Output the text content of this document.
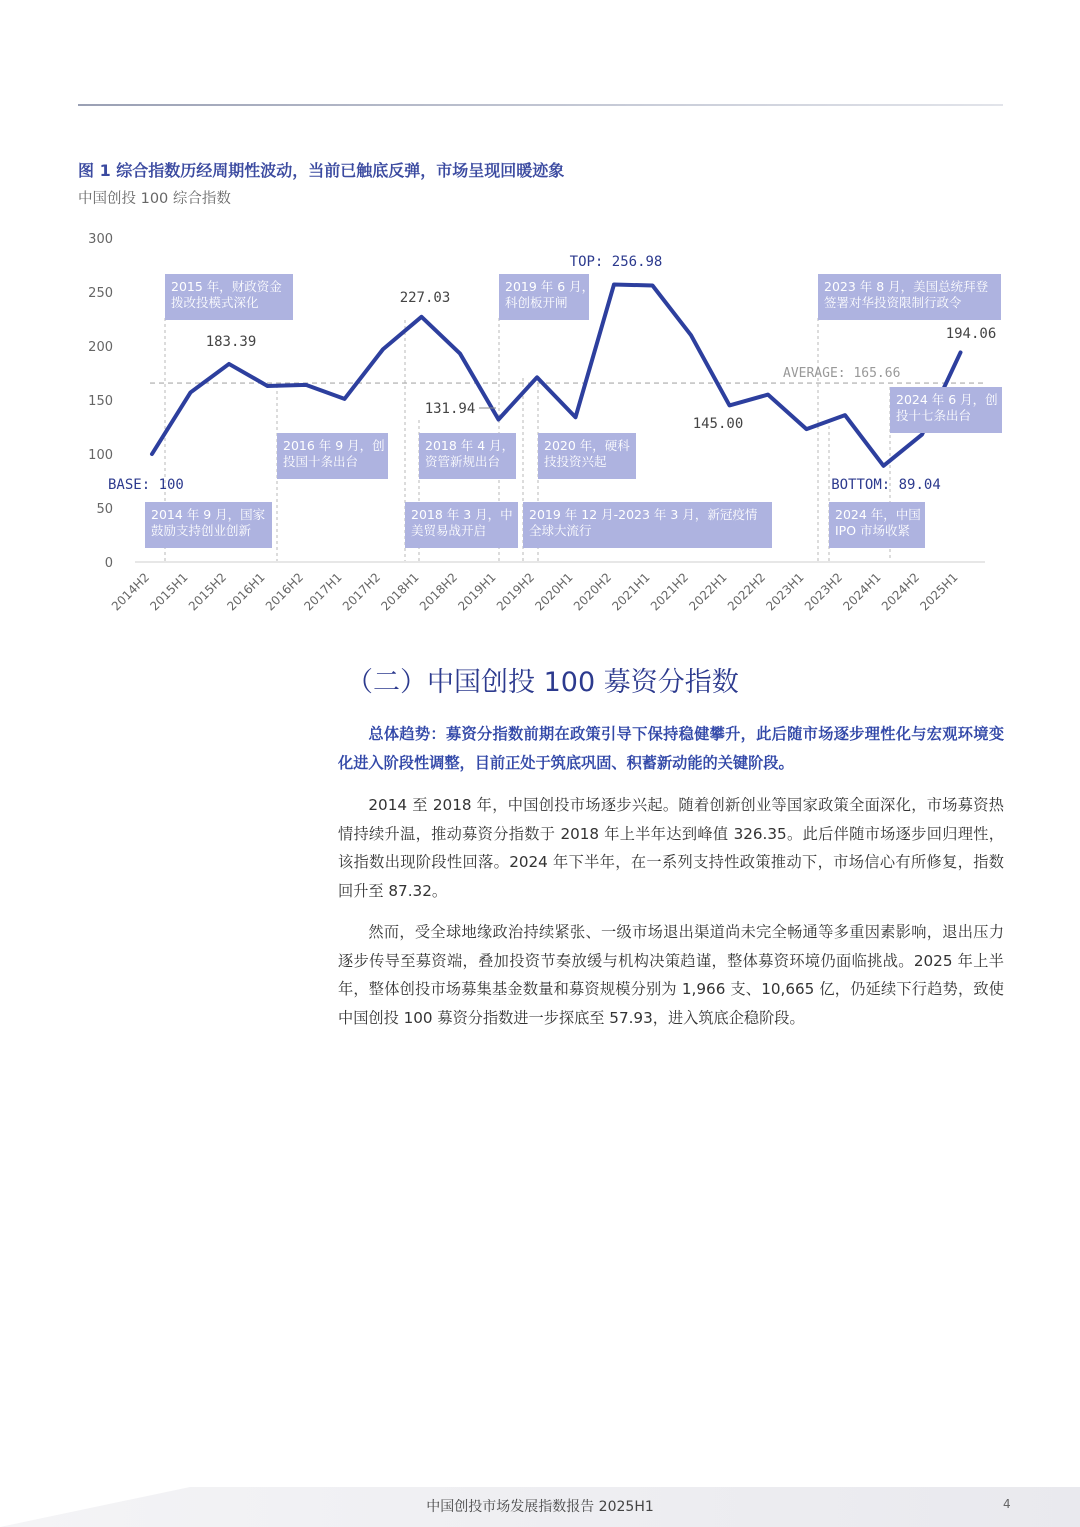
图 1 综合指数历经周期性波动，当前已触底反弹，市场呈现回暖迹象
中国创投 100 综合指数
0
50
100
150
200
250
300
2014H2
2015H1
2015H2
2016H1
2016H2
2017H1
2017H2
2018H1
2018H2
2019H1
2019H2
2020H1
2020H2
2021H1
2021H2
2022H1
2022H2
2023H1
2023H2
2024H1
2024H2
2025H1
AVERAGE: 165.66
BASE: 100
183.39
227.03
131.94
TOP: 256.98
145.00
BOTTOM: 89.04
194.06
2015 年，财政资金
拨改投模式深化
2014 年 9 月，国家
鼓励支持创业创新
2016 年 9 月，创
投国十条出台
2018 年 4 月，
资管新规出台
2018 年 3 月，中
美贸易战开启
2019 年 6 月，
科创板开闸
2019 年 12 月-2023 年 3 月，新冠疫情
全球大流行
2020 年，硬科
技投资兴起
2023 年 8 月，美国总统拜登
签署对华投资限制行政令
2024 年 6 月，创
投十七条出台
2024 年，中国
IPO 市场收紧
（二）中国创投 100 募资分指数
总体趋势：募资分指数前期在政策引导下保持稳健攀升，此后随市场逐步理性化与宏观环境变化进入阶段性调整，目前正处于筑底巩固、积蓄新动能的关键阶段。
2014 至 2018 年，中国创投市场逐步兴起。随着创新创业等国家政策全面深化，市场募资热情持续升温，推动募资分指数于 2018 年上半年达到峰值 326.35。此后伴随市场逐步回归理性，该指数出现阶段性回落。2024 年下半年，在一系列支持性政策推动下，市场信心有所修复，指数回升至 87.32。
然而，受全球地缘政治持续紧张、一级市场退出渠道尚未完全畅通等多重因素影响，退出压力逐步传导至募资端，叠加投资节奏放缓与机构决策趋谨，整体募资环境仍面临挑战。2025 年上半年，整体创投市场募集基金数量和募资规模分别为 1,966 支、10,665 亿，仍延续下行趋势，致使中国创投 100 募资分指数进一步探底至 57.93，进入筑底企稳阶段。
中国创投市场发展指数报告 2025H1	4
